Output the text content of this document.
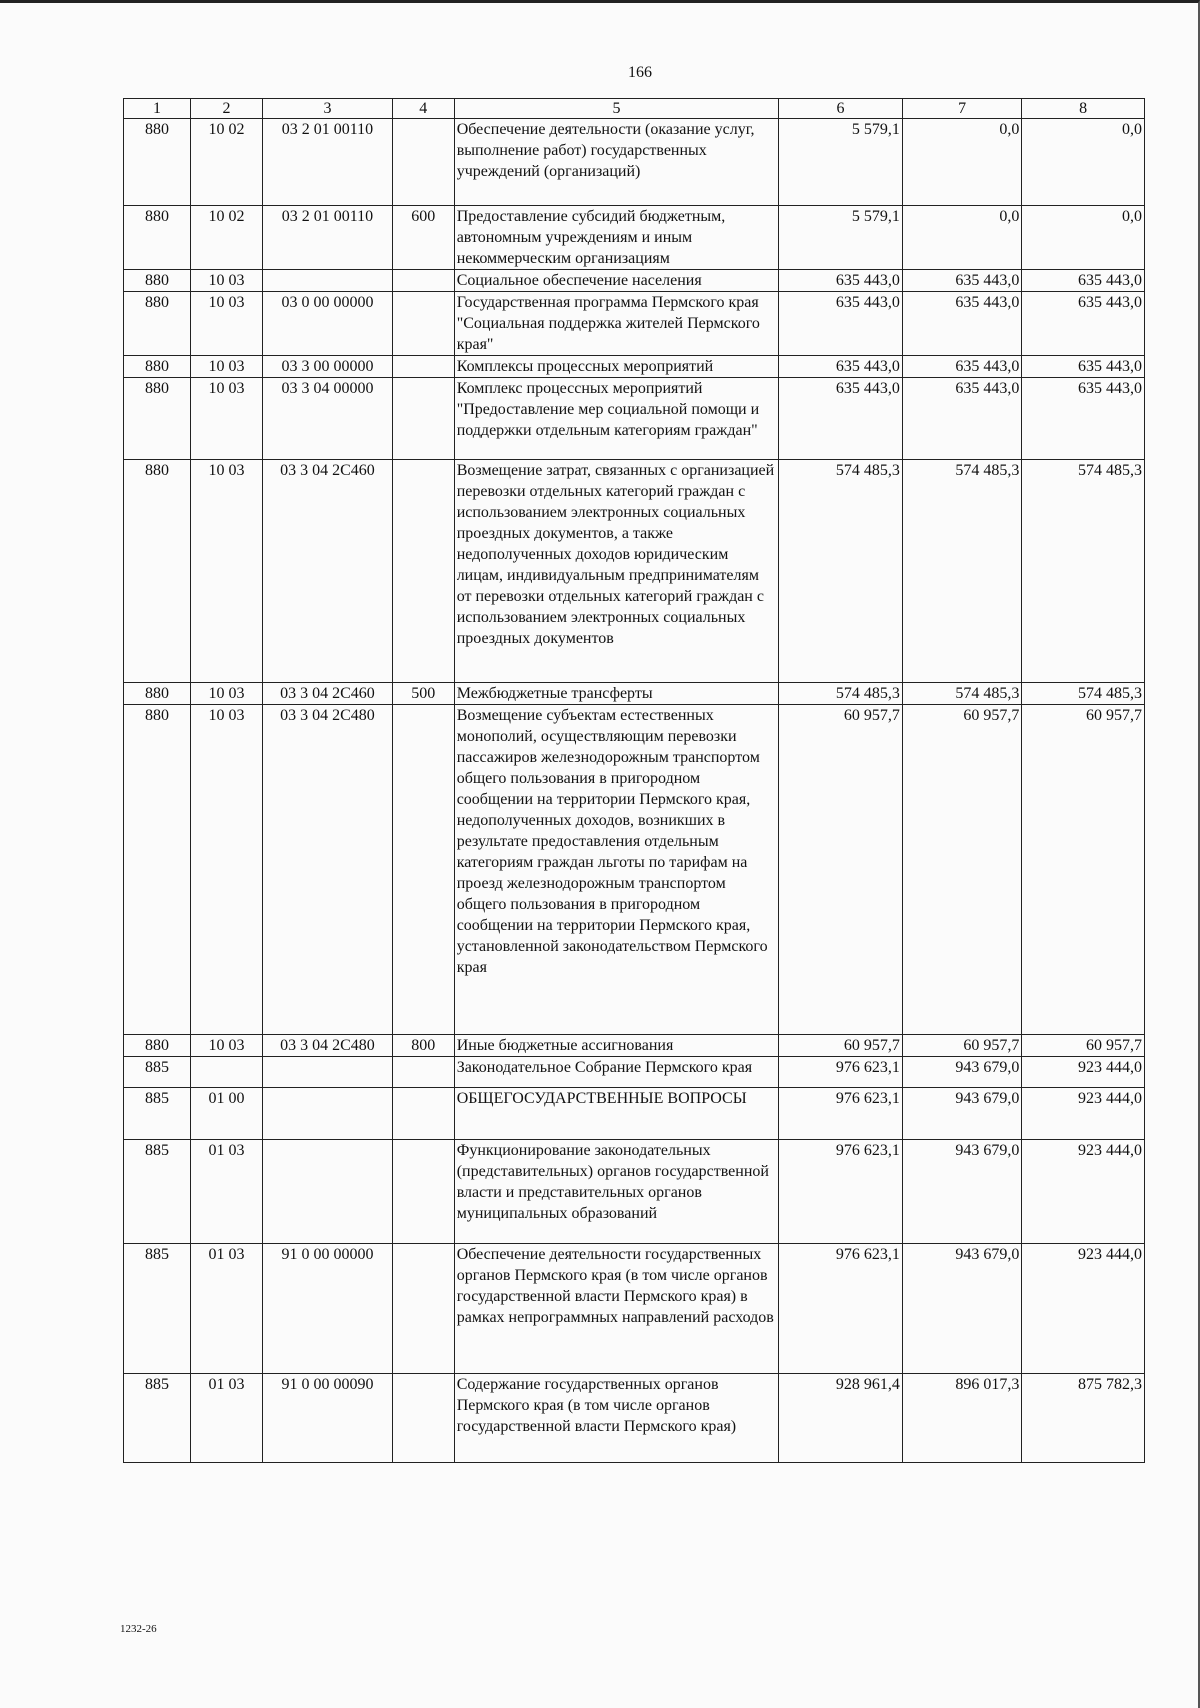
166
1	2	3	4	5	6	7	8
880	10 02	03 2 01 00110		Обеспечение деятельности (оказание услуг, выполнение работ) государственных учреждений (организаций)	5 579,1	0,0	0,0
880	10 02	03 2 01 00110	600	Предоставление субсидий бюджетным, автономным учреждениям и иным некоммерческим организациям	5 579,1	0,0	0,0
880	10 03			Социальное обеспечение населения	635 443,0	635 443,0	635 443,0
880	10 03	03 0 00 00000		Государственная программа Пермского края "Социальная поддержка жителей Пермского края"	635 443,0	635 443,0	635 443,0
880	10 03	03 3 00 00000		Комплексы процессных мероприятий	635 443,0	635 443,0	635 443,0
880	10 03	03 3 04 00000		Комплекс процессных мероприятий "Предоставление мер социальной помощи и поддержки отдельным категориям граждан"	635 443,0	635 443,0	635 443,0
880	10 03	03 3 04 2С460		Возмещение затрат, связанных с организацией перевозки отдельных категорий граждан с использованием электронных социальных проездных документов, а также недополученных доходов юридическим лицам, индивидуальным предпринимателям от перевозки отдельных категорий граждан с использованием электронных социальных проездных документов	574 485,3	574 485,3	574 485,3
880	10 03	03 3 04 2С460	500	Межбюджетные трансферты	574 485,3	574 485,3	574 485,3
880	10 03	03 3 04 2С480		Возмещение субъектам естественных монополий, осуществляющим перевозки пассажиров железнодорожным транспортом общего пользования в пригородном сообщении на территории Пермского края, недополученных доходов, возникших в результате предоставления отдельным категориям граждан льготы по тарифам на проезд железнодорожным транспортом общего пользования в пригородном сообщении на территории Пермского края, установленной законодательством Пермского края	60 957,7	60 957,7	60 957,7
880	10 03	03 3 04 2С480	800	Иные бюджетные ассигнования	60 957,7	60 957,7	60 957,7
885				Законодательное Собрание Пермского края	976 623,1	943 679,0	923 444,0
885	01 00			ОБЩЕГОСУДАРСТВЕННЫЕ ВОПРОСЫ	976 623,1	943 679,0	923 444,0
885	01 03			Функционирование законодательных (представительных) органов государственной власти и представительных органов муниципальных образований	976 623,1	943 679,0	923 444,0
885	01 03	91 0 00 00000		Обеспечение деятельности государственных органов Пермского края (в том числе органов государственной власти Пермского края) в рамках непрограммных направлений расходов	976 623,1	943 679,0	923 444,0
885	01 03	91 0 00 00090		Содержание государственных органов Пермского края (в том числе органов государственной власти Пермского края)	928 961,4	896 017,3	875 782,3
1232-26
